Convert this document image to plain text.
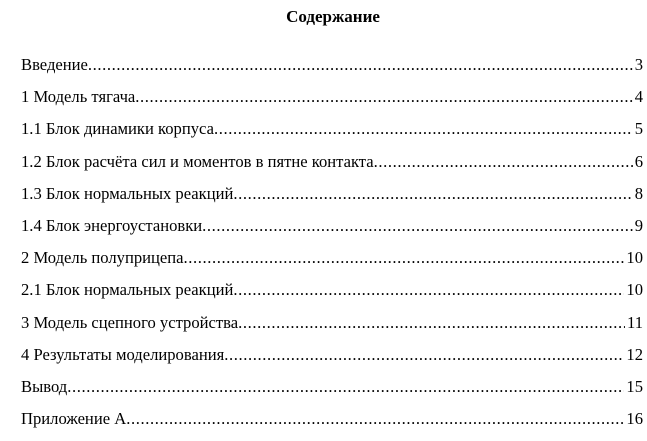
Содержание
Введение .....	3
1 Модель тягача .....	4
1.1 Блок динамики корпуса .....	5
1.2 Блок расчёта сил и моментов в пятне контакта .....	6
1.3 Блок нормальных реакций .....	8
1.4 Блок энергоустановки .....	9
2 Модель полуприцепа .....	10
2.1 Блок нормальных реакций .....	10
3 Модель сцепного устройства .....	11
4 Результаты моделирования .....	12
Вывод .....	15
Приложение А .....	16
